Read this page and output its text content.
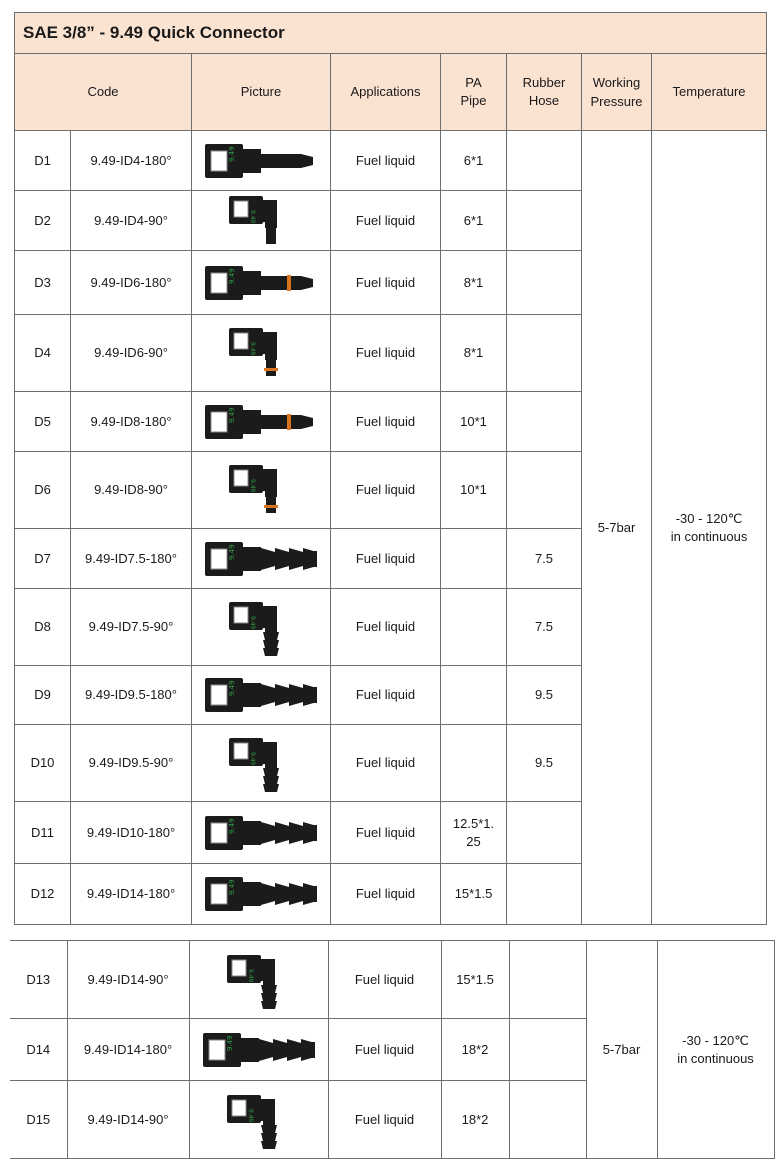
SAE 3/8” - 9.49 Quick Connector							
Code		Picture	Applications	PA Pipe	Rubber Hose	Working Pressure	Temperature
D1	9.49-ID4-180°	9.49	Fuel liquid	6*1		5-7bar	-30 - 120℃
in continuous

D2	9.49-ID4-90°	9.49	Fuel liquid	6*1			
D3	9.49-ID6-180°	9.49	Fuel liquid	8*1			
D4	9.49-ID6-90°	9.49	Fuel liquid	8*1			
D5	9.49-ID8-180°	9.49	Fuel liquid	10*1			
D6	9.49-ID8-90°	9.49	Fuel liquid	10*1			
D7	9.49-ID7.5-180°	9.49	Fuel liquid		7.5		
D8	9.49-ID7.5-90°	9.49	Fuel liquid		7.5		
D9	9.49-ID9.5-180°	9.49	Fuel liquid		9.5		
D10	9.49-ID9.5-90°	9.49	Fuel liquid		9.5		
D11	9.49-ID10-180°	9.49	Fuel liquid	12.5*1.25			
D12	9.49-ID14-180°	9.49	Fuel liquid	15*1.5			
D13	9.49-ID14-90°	9.49	Fuel liquid	15*1.5		5-7bar	-30 - 120℃
in continuous

D14	9.49-ID14-180°	9.49	Fuel liquid	18*2			
D15	9.49-ID14-90°	9.49	Fuel liquid	18*2			
